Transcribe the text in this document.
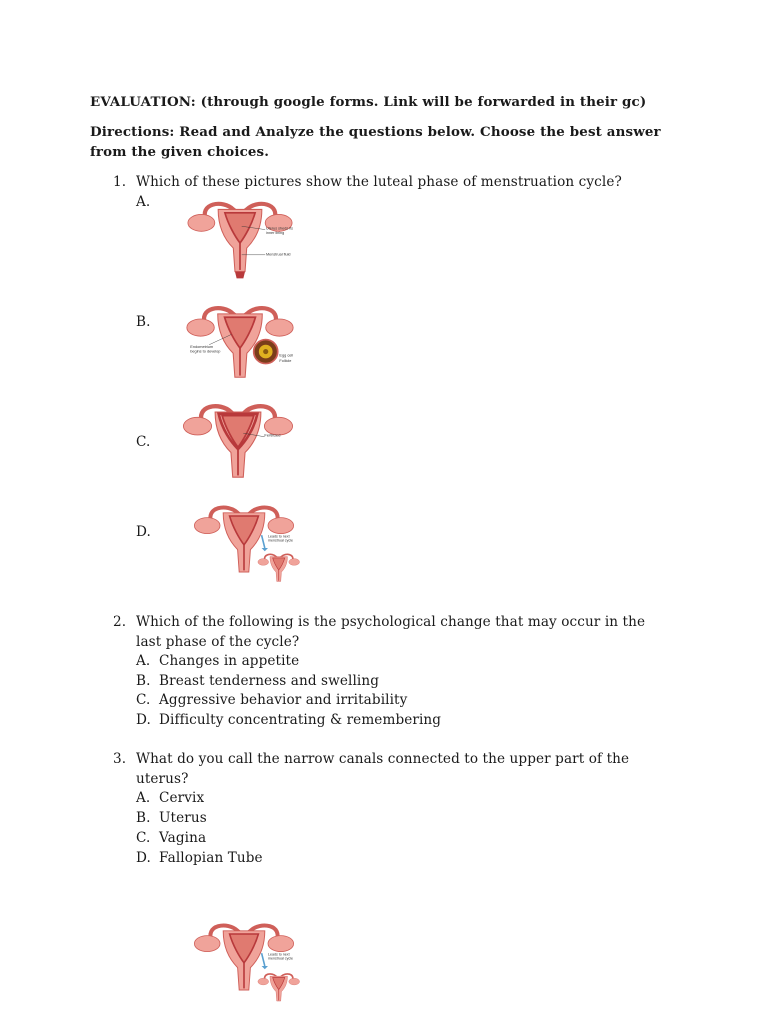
EVALUATION: (through google forms. Link will be forwarded in their gc)
Directions: Read and Analyze the questions below. Choose the best answer
from the given choices.
1. Which of these pictures show the luteal phase of menstruation cycle?
A.
Uterus sheds its
inner lining
Menstrual fluid
B.
Endometrium
begins to develop
Egg cell
Follicle
C.	Fertilized
D.	Leads to next
menstrual cycle
2. Which of the following is the psychological change that may occur in the
last phase of the cycle?
A. Changes in appetite
B. Breast tenderness and swelling
C. Aggressive behavior and irritability
D. Difficulty concentrating & remembering
3. What do you call the narrow canals connected to the upper part of the
uterus?
A. Cervix
B. Uterus
C. Vagina
D. Fallopian Tube
Leads to next
menstrual cycle
